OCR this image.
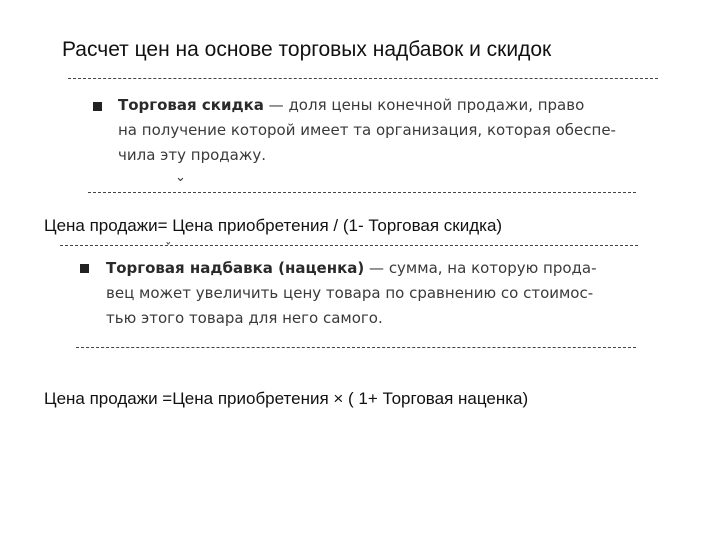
Расчет цен на основе торговых надбавок и скидок
Торговая скидка — доля цены конечной продажи, право
на получение которой имеет та организация, которая обеспе-
чила эту продажу.
⌄
Цена продажи= Цена приобретения / (1- Торговая скидка)
ˇ
Торговая надбавка (наценка) — сумма, на которую прода-
вец может увеличить цену товара по сравнению со стоимос-
тью этого товара для него самого.
Цена продажи =Цена приобретения × ( 1+ Торговая наценка)
